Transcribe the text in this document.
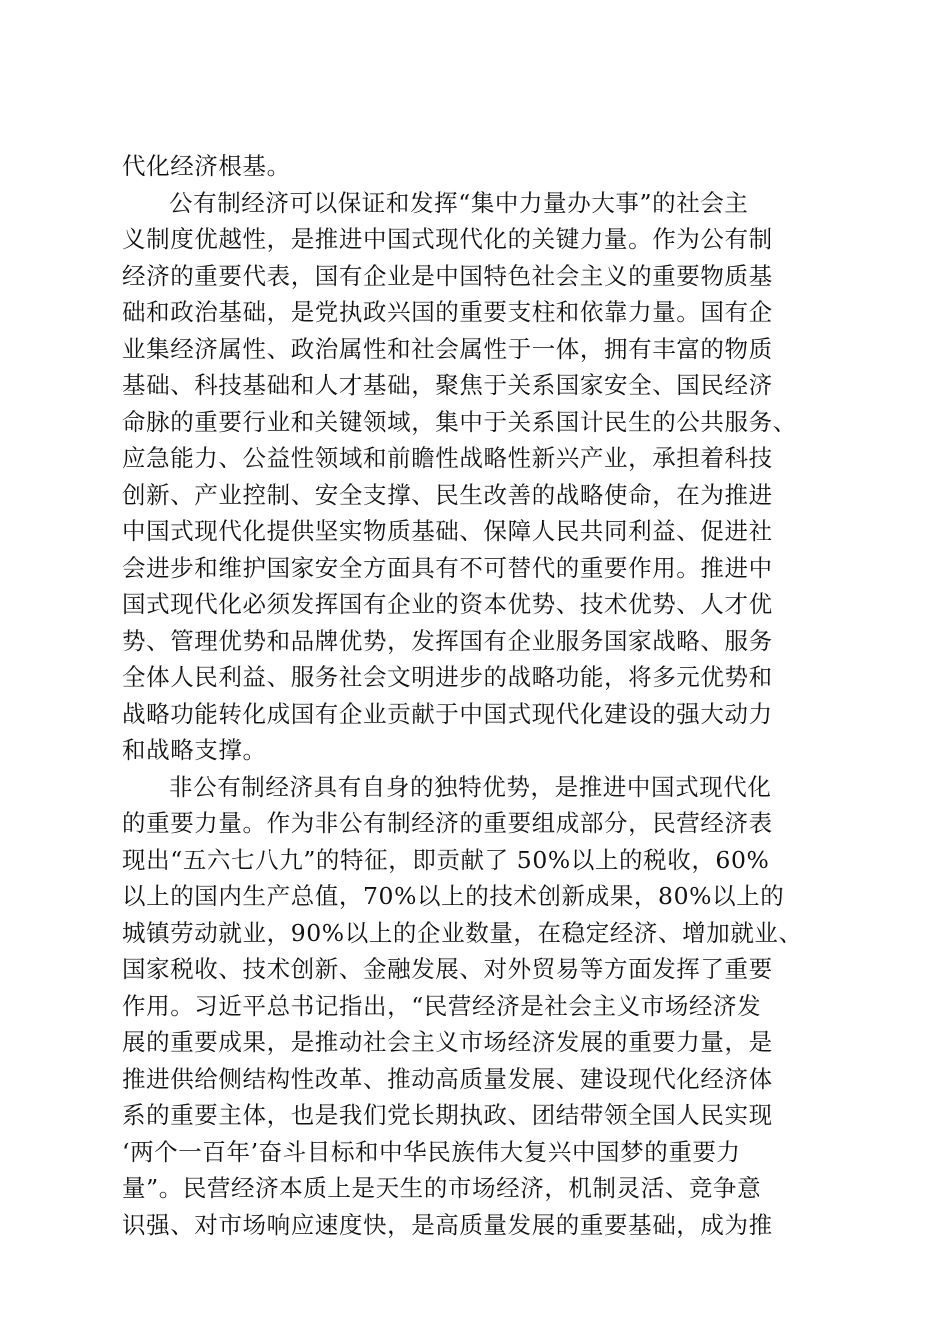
代化经济根基。
公有制经济可以保证和发挥“集中力量办大事”的社会主
义制度优越性，是推进中国式现代化的关键力量。作为公有制
经济的重要代表，国有企业是中国特色社会主义的重要物质基
础和政治基础，是党执政兴国的重要支柱和依靠力量。国有企
业集经济属性、政治属性和社会属性于一体，拥有丰富的物质
基础、科技基础和人才基础，聚焦于关系国家安全、国民经济
命脉的重要行业和关键领域，集中于关系国计民生的公共服务、
应急能力、公益性领域和前瞻性战略性新兴产业，承担着科技
创新、产业控制、安全支撑、民生改善的战略使命，在为推进
中国式现代化提供坚实物质基础、保障人民共同利益、促进社
会进步和维护国家安全方面具有不可替代的重要作用。推进中
国式现代化必须发挥国有企业的资本优势、技术优势、人才优
势、管理优势和品牌优势，发挥国有企业服务国家战略、服务
全体人民利益、服务社会文明进步的战略功能，将多元优势和
战略功能转化成国有企业贡献于中国式现代化建设的强大动力
和战略支撑。
非公有制经济具有自身的独特优势，是推进中国式现代化
的重要力量。作为非公有制经济的重要组成部分，民营经济表
现出“五六七八九”的特征，即贡献了 50%以上的税收，60%
以上的国内生产总值，70%以上的技术创新成果，80%以上的
城镇劳动就业，90%以上的企业数量，在稳定经济、增加就业、
国家税收、技术创新、金融发展、对外贸易等方面发挥了重要
作用。习近平总书记指出，“民营经济是社会主义市场经济发
展的重要成果，是推动社会主义市场经济发展的重要力量，是
推进供给侧结构性改革、推动高质量发展、建设现代化经济体
系的重要主体，也是我们党长期执政、团结带领全国人民实现
‘两个一百年’奋斗目标和中华民族伟大复兴中国梦的重要力
量”。民营经济本质上是天生的市场经济，机制灵活、竞争意
识强、对市场响应速度快，是高质量发展的重要基础，成为推
